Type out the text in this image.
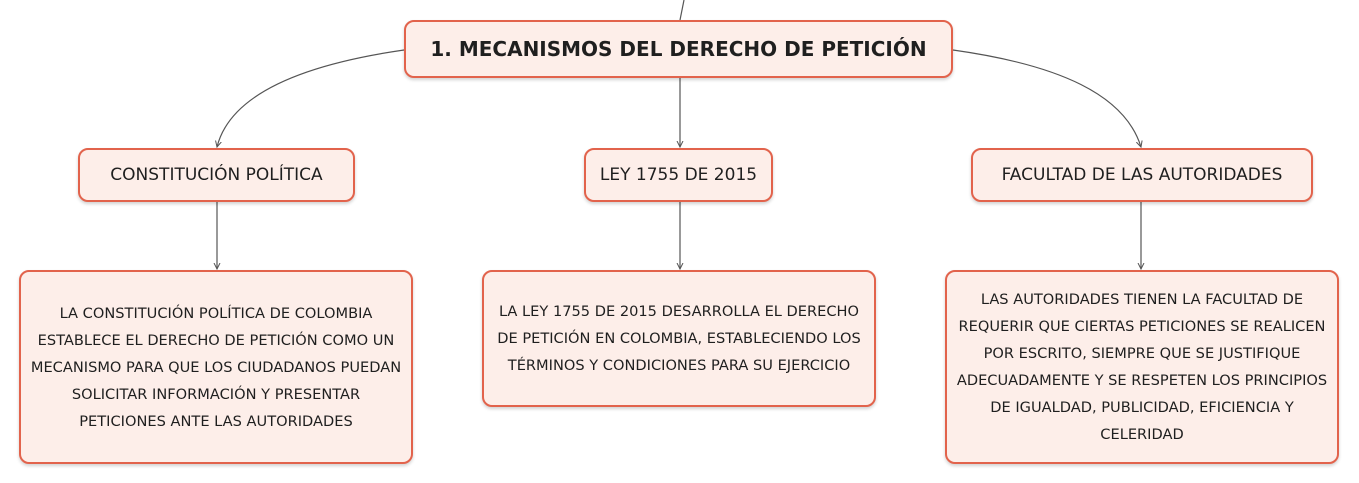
1. MECANISMOS DEL DERECHO DE PETICIÓN
CONSTITUCIÓN POLÍTICA	LEY 1755 DE 2015	FACULTAD DE LAS AUTORIDADES
LA CONSTITUCIÓN POLÍTICA DE COLOMBIA ESTABLECE EL DERECHO DE PETICIÓN COMO UN MECANISMO PARA QUE LOS CIUDADANOS PUEDAN SOLICITAR INFORMACIÓN Y PRESENTAR PETICIONES ANTE LAS AUTORIDADES
LA LEY 1755 DE 2015 DESARROLLA EL DERECHO DE PETICIÓN EN COLOMBIA, ESTABLECIENDO LOS TÉRMINOS Y CONDICIONES PARA SU EJERCICIO
LAS AUTORIDADES TIENEN LA FACULTAD DE REQUERIR QUE CIERTAS PETICIONES SE REALICEN POR ESCRITO, SIEMPRE QUE SE JUSTIFIQUE ADECUADAMENTE Y SE RESPETEN LOS PRINCIPIOS DE IGUALDAD, PUBLICIDAD, EFICIENCIA Y CELERIDAD
